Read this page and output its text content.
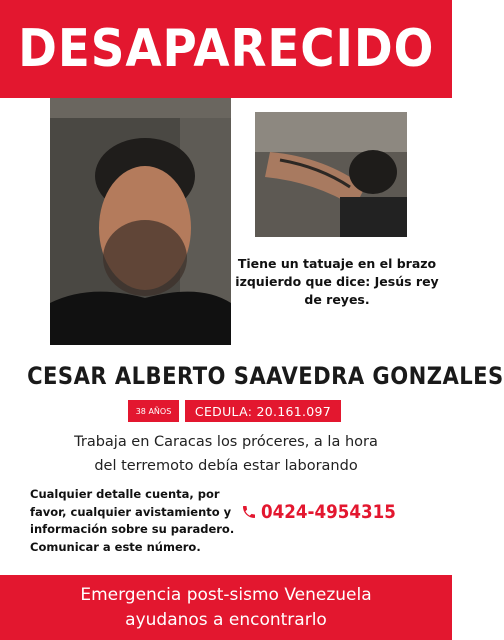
DESAPARECIDO
Tiene un tatuaje en el brazo izquierdo que dice: Jesús rey de reyes.
CESAR ALBERTO SAAVEDRA GONZALES
38 AÑOS	CEDULA: 20.161.097
Trabaja en Caracas los próceres, a la hora
del terremoto debía estar laborando
Cualquier detalle cuenta, por favor, cualquier avistamiento y información sobre su paradero. Comunicar a este número.
0424-4954315
Emergencia post-sismo Venezuela
ayudanos a encontrarlo
